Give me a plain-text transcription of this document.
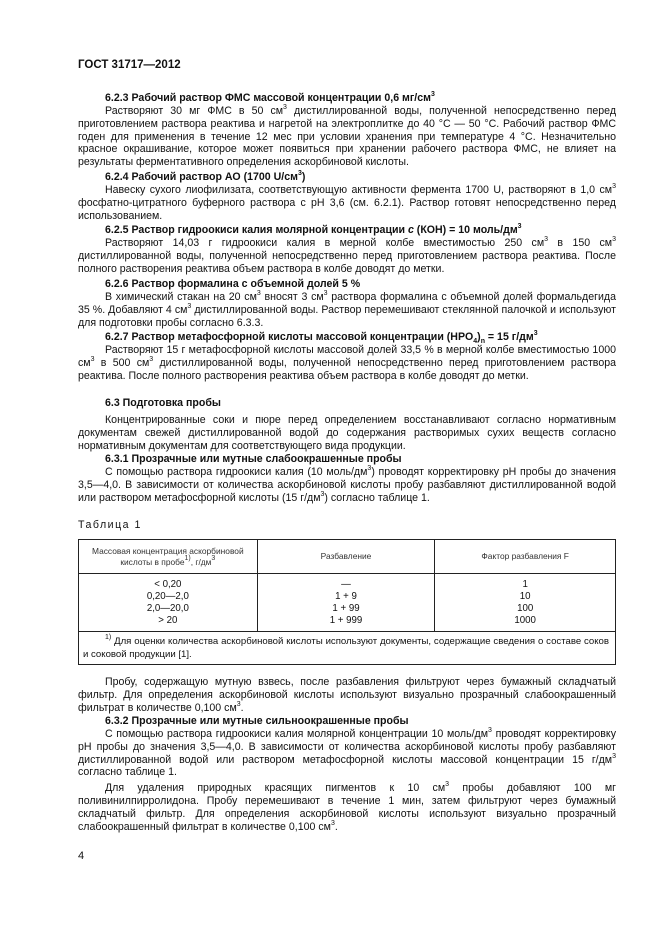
ГОСТ 31717—2012

6.2.3 Рабочий раствор ФМС массовой концентрации 0,6 $мг/см^3$

Растворяют 30 мг ФМС в 50 $см^3$ дистиллированной воды, полученной непосредственно перед приготовлением раствора реактива и нагретой на электроплитке до 40 °С — 50 °С. Рабочий раствор ФМС годен для применения в течение 12 мес при условии хранения при температуре 4 °С. Незначительно красное окрашивание, которое может появиться при хранении рабочего раствора ФМС, не влияет на результаты ферментативного определения аскорбиновой кислоты.

6.2.4 Рабочий раствор АО (1700 $U/см^3$)

Навеску сухого лиофилизата, соответствующую активности фермента 1700 U, растворяют в 1,0 $см^3$ фосфатно-цитратного буферного раствора с рН 3,6 (см. 6.2.1). Раствор готовят непосредственно перед использованием.

6.2.5 Раствор гидроокиси калия молярной концентрации c (КОН) = 10 моль/$дм^3$

Растворяют 14,03 г гидроокиси калия в мерной колбе вместимостью 250 $см^3$ в 150 $см^3$ дистиллированной воды, полученной непосредственно перед приготовлением раствора реактива. После полного растворения реактива объем раствора в колбе доводят до метки.

6.2.6 Раствор формалина с объемной долей 5 %

В химический стакан на 20 $см^3$ вносят 3 $см^3$ раствора формалина с объемной долей формальдегида 35 %. Добавляют 4 $см^3$ дистиллированной воды. Раствор перемешивают стеклянной палочкой и используют для подготовки пробы согласно 6.3.3.

6.2.7 Раствор метафосфорной кислоты массовой концентрации $(HPO_4)_n = 15$ $г/дм^3$

Растворяют 15 г метафосфорной кислоты массовой долей 33,5 % в мерной колбе вместимостью 1000 $см^3$ в 500 $см^3$ дистиллированной воды, полученной непосредственно перед приготовлением раствора реактива. После полного растворения реактива объем раствора в колбе доводят до метки.

6.3 Подготовка пробы

Концентрированные соки и пюре перед определением восстанавливают согласно нормативным документам свежей дистиллированной водой до содержания растворимых сухих веществ согласно нормативным документам для соответствующего вида продукции.

6.3.1 Прозрачные или мутные слабоокрашенные пробы

С помощью раствора гидроокиси калия (10 моль/$дм^3$) проводят корректировку рН пробы до значения 3,5—4,0. В зависимости от количества аскорбиновой кислоты пробу разбавляют дистиллированной водой или раствором метафосфорной кислоты (15 $г/дм^3$) согласно таблице 1.

Таблица 1
Массовая концентрация аскорбиновой кислоты в пробе$^{1)}$, $г/дм^3$	Разбавление	Фактор разбавления F
< 0,20	—	1
0,20—2,0	1 + 9	10
2,0—20,0	1 + 99	100
> 20	1 + 999	1000
$^{1)}$ Для оценки количества аскорбиновой кислоты используют документы, содержащие сведения о составе соков и соковой продукции [1].		

Пробу, содержащую мутную взвесь, после разбавления фильтруют через бумажный складчатый фильтр. Для определения аскорбиновой кислоты используют визуально прозрачный слабоокрашенный фильтрат в количестве 0,100 $см^3$.

6.3.2 Прозрачные или мутные сильноокрашенные пробы

С помощью раствора гидроокиси калия молярной концентрации 10 моль/$дм^3$ проводят корректировку рН пробы до значения 3,5—4,0. В зависимости от количества аскорбиновой кислоты пробу разбавляют дистиллированной водой или раствором метафосфорной кислоты массовой концентрации 15 $г/дм^3$ согласно таблице 1.

Для удаления природных красящих пигментов к 10 $см^3$ пробы добавляют 100 мг поливинилпирролидона. Пробу перемешивают в течение 1 мин, затем фильтруют через бумажный складчатый фильтр. Для определения аскорбиновой кислоты используют визуально прозрачный слабоокрашенный фильтрат в количестве 0,100 $см^3$.

4
